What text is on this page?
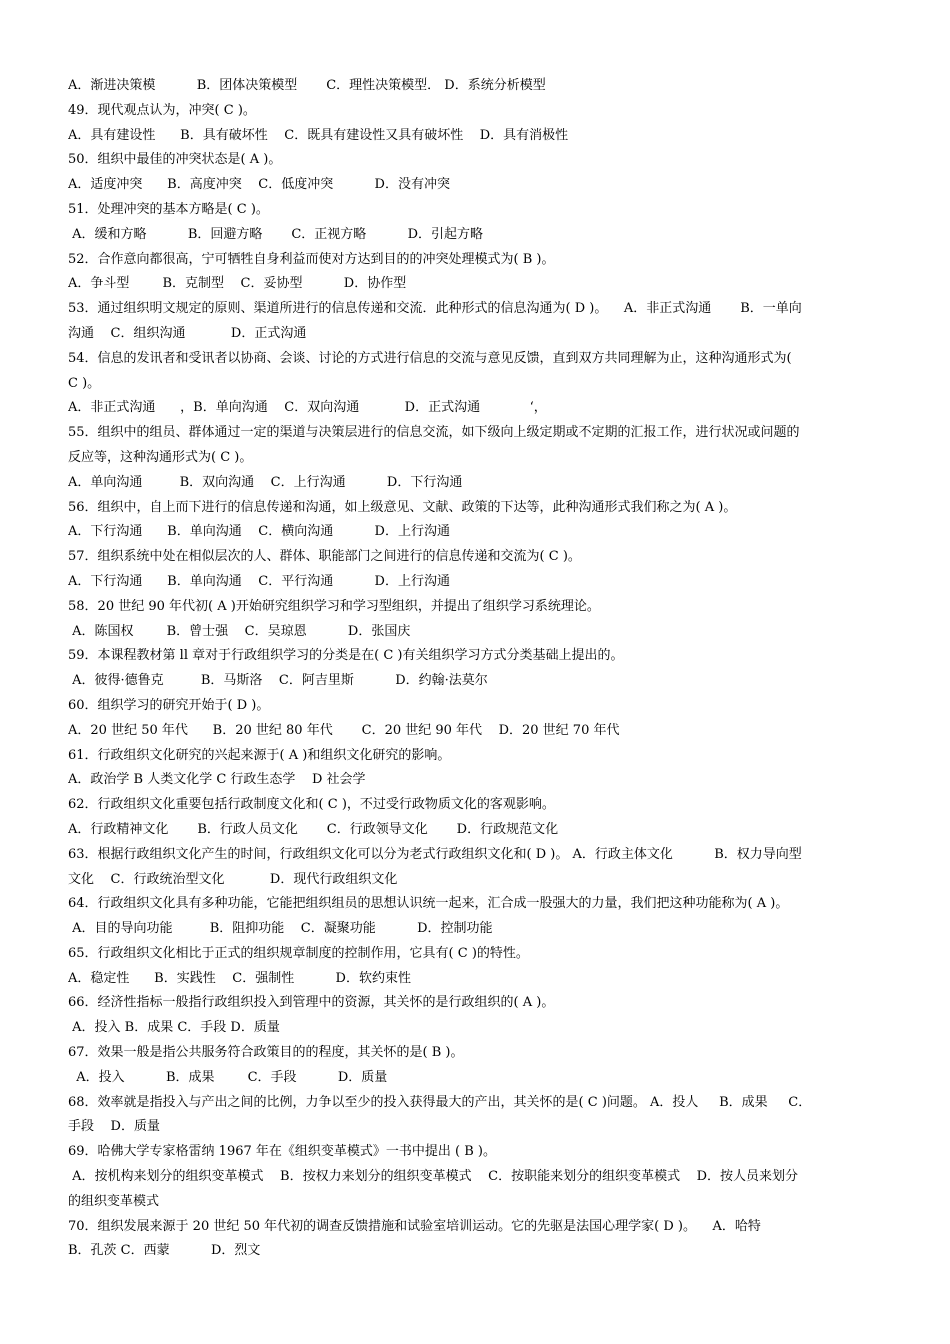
A．渐进决策模          B．团体决策模型       C．理性决策模型． D．系统分析模型
49．现代观点认为，冲突( C )。
A．具有建设性      B．具有破坏性    C．既具有建设性又具有破坏性    D．具有消极性
50．组织中最佳的冲突状态是( A )。
A．适度冲突      B．高度冲突    C．低度冲突          D．没有冲突
51．处理冲突的基本方略是( C )。
A．缓和方略          B．回避方略       C．正视方略          D．引起方略
52．合作意向都很高，宁可牺牲自身利益而使对方达到目的的冲突处理模式为( B )。
A．争斗型        B．克制型    C．妥协型          D．协作型
53．通过组织明文规定的原则、渠道所进行的信息传递和交流．此种形式的信息沟通为( D )。    A．非正式沟通       B．一单向
沟通    C．组织沟通           D．正式沟通
54．信息的发讯者和受讯者以协商、会谈、讨论的方式进行信息的交流与意见反馈，直到双方共同理解为止，这种沟通形式为(
C )。
A．非正式沟通      ，B．单向沟通    C．双向沟通           D．正式沟通            ‘，
55．组织中的组员、群体通过一定的渠道与决策层进行的信息交流，如下级向上级定期或不定期的汇报工作，进行状况或问题的
反应等，这种沟通形式为( C )。
A．单向沟通         B．双向沟通    C．上行沟通          D．下行沟通
56．组织中，自上而下进行的信息传递和沟通，如上级意见、文献、政策的下达等，此种沟通形式我们称之为( A )。
A．下行沟通      B．单向沟通    C．横向沟通          D．上行沟通
57．组织系统中处在相似层次的人、群体、职能部门之间进行的信息传递和交流为( C )。
A．下行沟通      B．单向沟通    C．平行沟通          D．上行沟通
58．20 世纪 90 年代初( A )开始研究组织学习和学习型组织，并提出了组织学习系统理论。
A．陈国权        B．曾士强    C．吴琼恩          D．张国庆
59．本课程教材第 ll 章对于行政组织学习的分类是在( C )有关组织学习方式分类基础上提出的。
A．彼得·德鲁克         B．马斯洛    C．阿吉里斯          D．约翰·法莫尔
60．组织学习的研究开始于( D )。
A．20 世纪 50 年代      B．20 世纪 80 年代       C．20 世纪 90 年代    D．20 世纪 70 年代
61．行政组织文化研究的兴起来源于( A )和组织文化研究的影响。
A．政治学 B 人类文化学 C 行政生态学    D 社会学
62．行政组织文化重要包括行政制度文化和( C )，不过受行政物质文化的客观影响。
A．行政精神文化       B．行政人员文化       C．行政领导文化       D．行政规范文化
63．根据行政组织文化产生的时间，行政组织文化可以分为老式行政组织文化和( D )。 A．行政主体文化          B．权力导向型
文化    C．行政统治型文化           D．现代行政组织文化
64．行政组织文化具有多种功能，它能把组织组员的思想认识统一起来，汇合成一股强大的力量，我们把这种功能称为( A )。
A．目的导向功能         B．阻抑功能    C．凝聚功能          D．控制功能
65．行政组织文化相比于正式的组织规章制度的控制作用，它具有( C )的特性。
A．稳定性      B．实践性    C．强制性          D．软约束性
66．经济性指标一般指行政组织投入到管理中的资源，其关怀的是行政组织的( A )。
A．投入 B．成果 C．手段 D．质量
67．效果一般是指公共服务符合政策目的的程度，其关怀的是( B )。
A．投入          B．成果        C．手段          D．质量
68．效率就是指投入与产出之间的比例，力争以至少的投入获得最大的产出，其关怀的是( C )问题。 A．投人     B．成果     C．
手段    D．质量
69．哈佛大学专家格雷纳 1967 年在《组织变革模式》一书中提出 ( B )。
A．按机构来划分的组织变革模式    B．按权力来划分的组织变革模式    C．按职能来划分的组织变革模式    D．按人员来划分
的组织变革模式
70．组织发展来源于 20 世纪 50 年代初的调查反馈措施和试验室培训运动。它的先驱是法国心理学家( D )。    A．哈特
B．孔茨 C．西蒙          D．烈文
